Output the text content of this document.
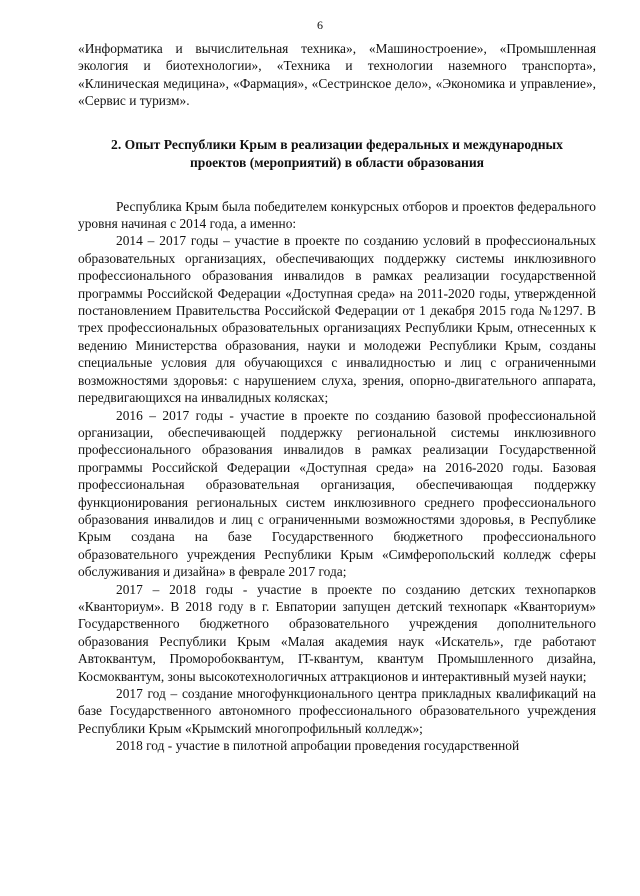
6

«Информатика и вычислительная техника», «Машиностроение», «Промышленная экология и биотехнологии», «Техника и технологии наземного транспорта», «Клиническая медицина», «Фармация», «Сестринское дело», «Экономика и управление», «Сервис и туризм».

2. Опыт Республики Крым в реализации федеральных и международных
проектов (мероприятий) в области образования

Республика Крым была победителем конкурсных отборов и проектов федерального уровня начиная с 2014 года, а именно:

2014 – 2017 годы – участие в проекте по созданию условий в профессиональных образовательных организациях, обеспечивающих поддержку системы инклюзивного профессионального образования инвалидов в рамках реализации государственной программы Российской Федерации «Доступная среда» на 2011-2020 годы, утвержденной постановлением Правительства Российской Федерации от 1 декабря 2015 года №1297. В трех профессиональных образовательных организациях Республики Крым, отнесенных к ведению Министерства образования, науки и молодежи Республики Крым, созданы специальные условия для обучающихся с инвалидностью и лиц с ограниченными возможностями здоровья: с нарушением слуха, зрения, опорно-двигательного аппарата, передвигающихся на инвалидных колясках;

2016 – 2017 годы - участие в проекте по созданию базовой профессиональной организации, обеспечивающей поддержку региональной системы инклюзивного профессионального образования инвалидов в рамках реализации Государственной программы Российской Федерации «Доступная среда» на 2016-2020 годы. Базовая профессиональная образовательная организация, обеспечивающая поддержку функционирования региональных систем инклюзивного среднего профессионального образования инвалидов и лиц с ограниченными возможностями здоровья, в Республике Крым создана на базе Государственного бюджетного профессионального образовательного учреждения Республики Крым «Симферопольский колледж сферы обслуживания и дизайна» в феврале 2017 года;

2017 – 2018 годы - участие в проекте по созданию детских технопарков «Кванториум». В 2018 году в г. Евпатории запущен детский технопарк «Кванториум» Государственного бюджетного образовательного учреждения дополнительного образования Республики Крым «Малая академия наук «Искатель», где работают Автоквантум, Проморобоквантум, IT-квантум, квантум Промышленного дизайна, Космоквантум, зоны высокотехнологичных аттракционов и интерактивный музей науки;

2017 год – создание многофункционального центра прикладных квалификаций на базе Государственного автономного профессионального образовательного учреждения Республики Крым «Крымский многопрофильный колледж»;

2018 год - участие в пилотной апробации проведения государственной
